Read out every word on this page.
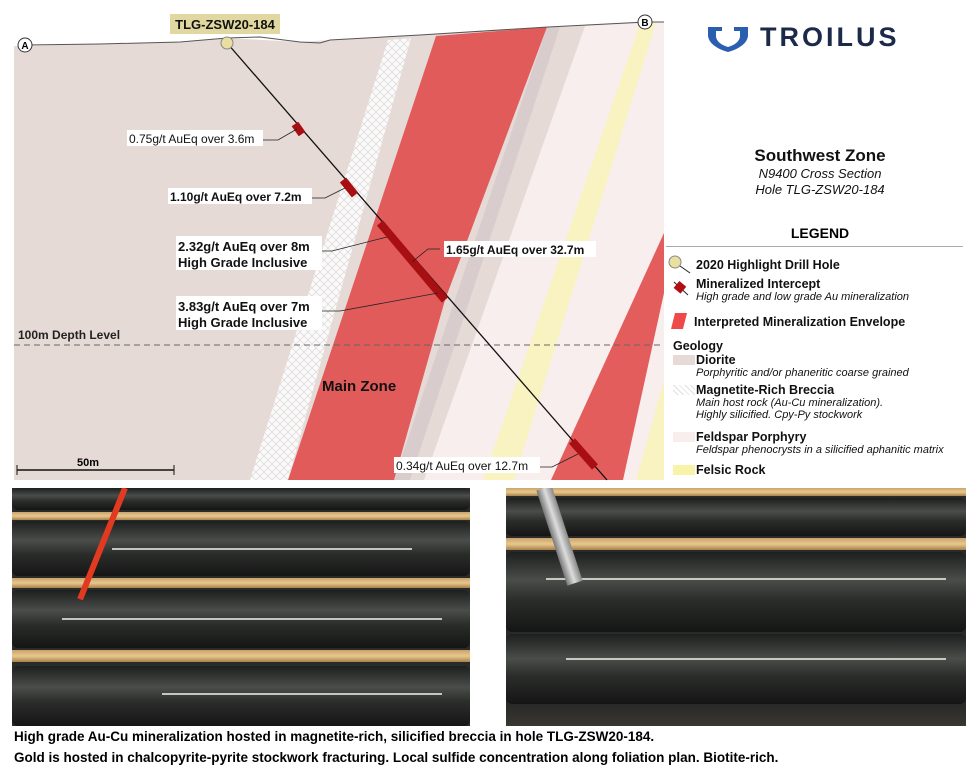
TLG-ZSW20-184
A
B
0.75g/t AuEq over 3.6m
1.10g/t AuEq over 7.2m
2.32g/t AuEq over 8m
High Grade Inclusive
1.65g/t AuEq over 32.7m
3.83g/t AuEq over 7m
High Grade Inclusive
0.34g/t AuEq over 12.7m
100m Depth Level
Main Zone
50m
TROILUS
Southwest Zone
N9400 Cross Section
Hole TLG-ZSW20-184
LEGEND
2020 Highlight Drill Hole
Mineralized Intercept
High grade and low grade Au mineralization
Interpreted Mineralization Envelope
Geology
Diorite
Porphyritic and/or phaneritic coarse grained
Magnetite-Rich Breccia
Main host rock (Au-Cu mineralization).
Highly silicified. Cpy-Py stockwork
Feldspar Porphyry
Feldspar phenocrysts in a silicified aphanitic matrix
Felsic Rock
High grade Au-Cu mineralization hosted in magnetite-rich, silicified breccia in hole TLG-ZSW20-184.
Gold is hosted in chalcopyrite-pyrite stockwork fracturing. Local sulfide concentration along foliation plan. Biotite-rich.
